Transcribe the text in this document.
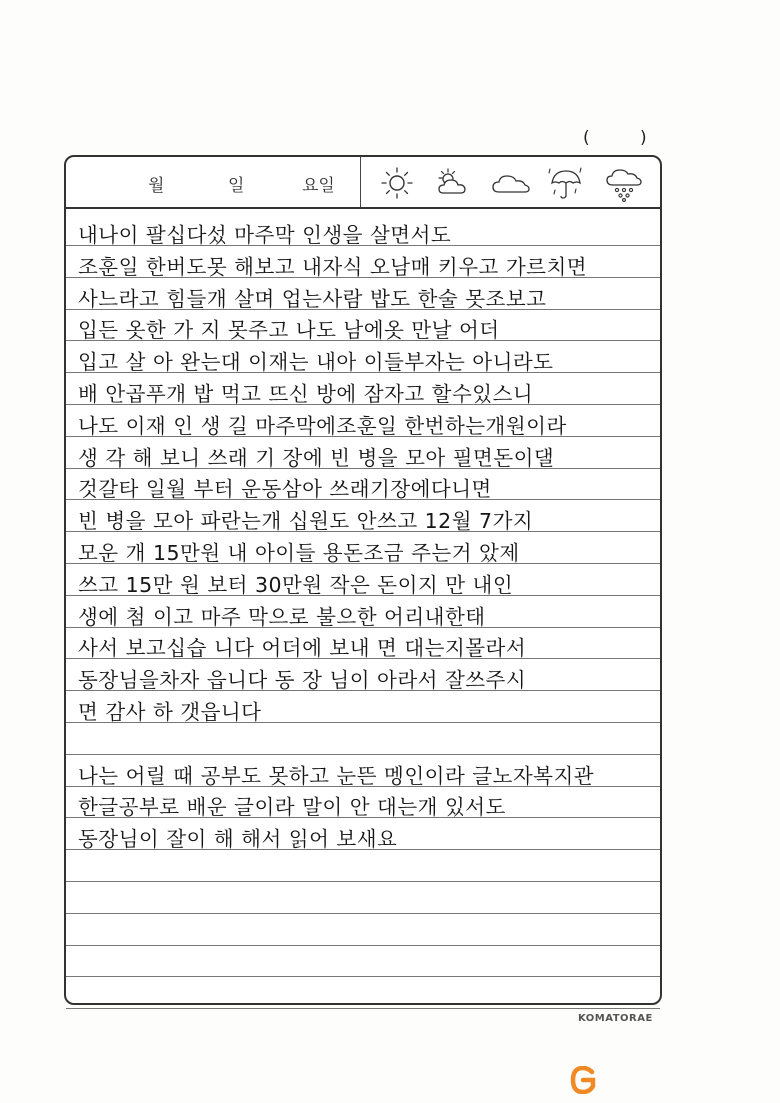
(	)
월	일	요일
내나이 팔십다섰 마주막 인생을 살면서도
조훈일 한버도못 해보고 내자식 오남매 키우고 가르치면
사느라고 힘들개 살며 업는사람 밥도 한술 못조보고
입든 옷한 가 지 못주고 나도 남에옷 만날 어더
입고 살 아 완는대 이재는 내아 이들부자는 아니라도
배 안곱푸개 밥 먹고 뜨신 방에 잠자고 할수있스니
나도 이재 인 생 길 마주막에조훈일 한번하는개원이라
생 각 해 보니 쓰래 기 장에 빈 병을 모아 필면돈이댈
것갈타 일월 부터 운동삼아 쓰래기장에다니면
빈 병을 모아 파란는개 십원도 안쓰고 12월 7가지
모운 개 15만원 내 아이들 용돈조금 주는거 았제
쓰고 15만 원 보터 30만원 작은 돈이지 만 내인
생에 첨 이고 마주 막으로 불으한 어리내한태
사서 보고십습 니다 어더에 보내 면 대는지몰라서
동장님을차자 읍니다 동 장 님이 아라서 잘쓰주시
면 감사 하 갯읍니다
나는 어릴 때 공부도 못하고 눈뜬 멩인이라 글노자복지관
한글공부로 배운 글이라 말이 안 대는개 있서도
동장님이 잘이 해 해서 읽어 보새요
KOMATORAE
